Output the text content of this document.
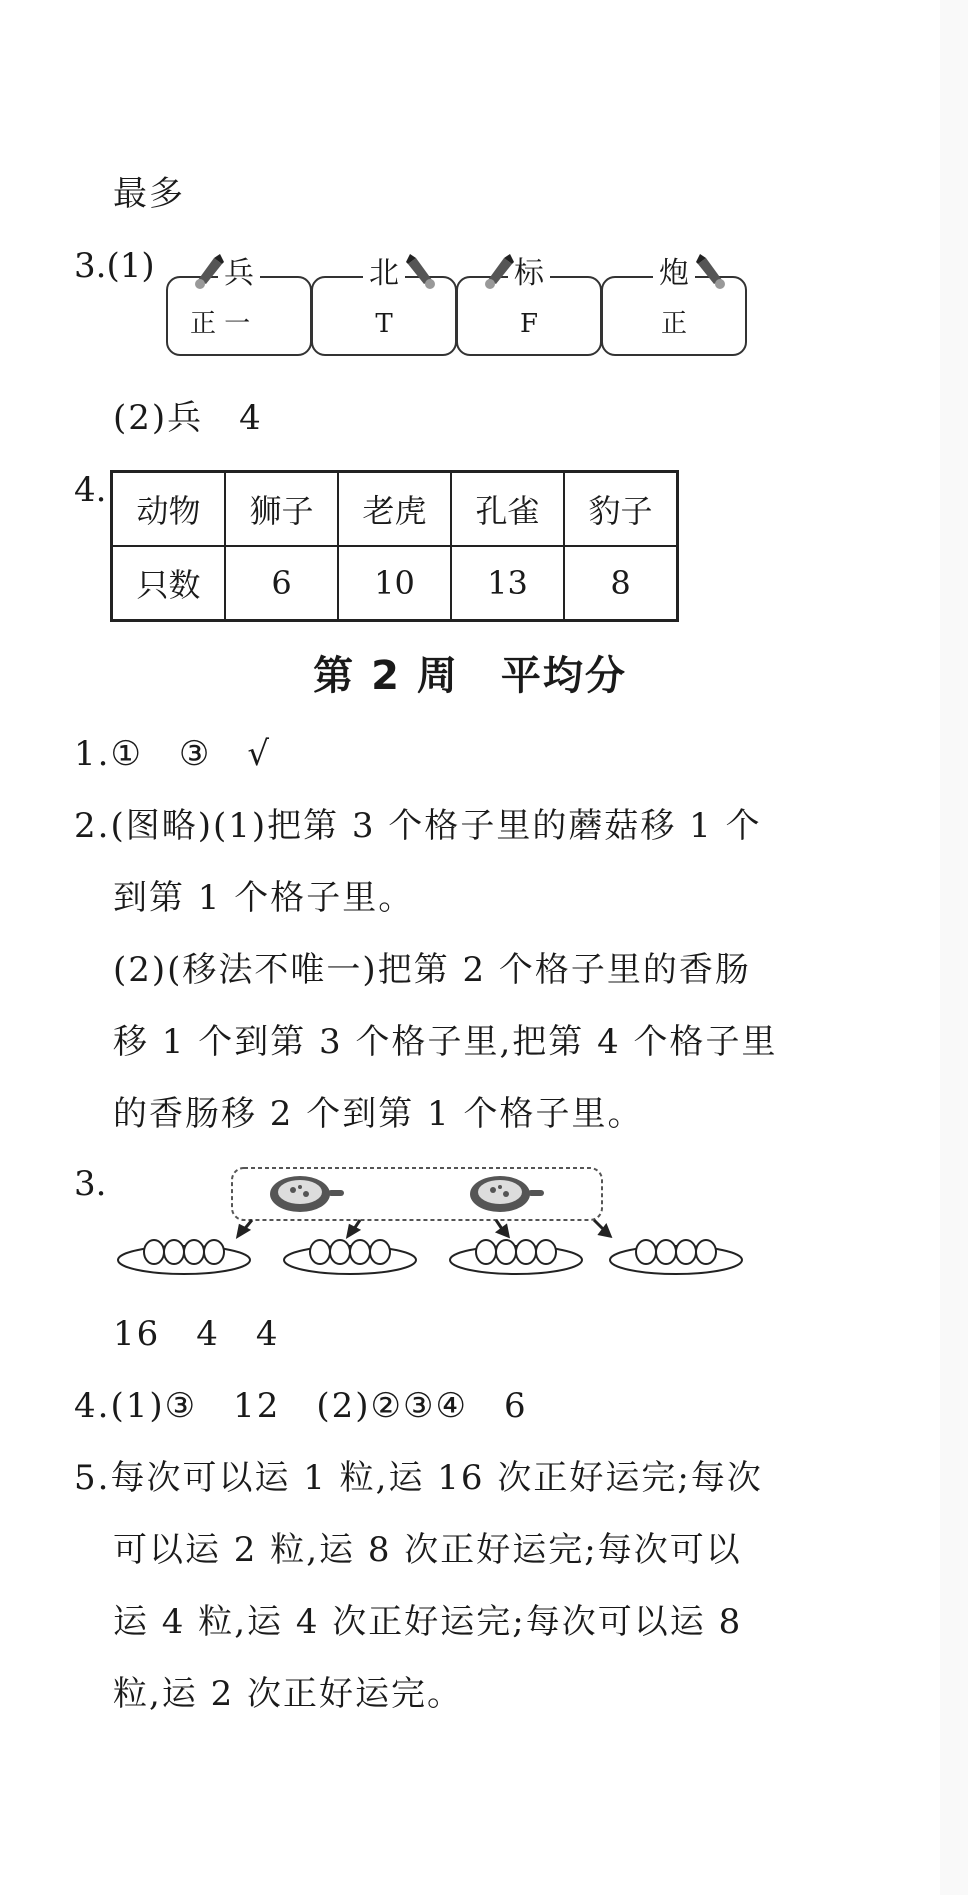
最多
3.(1) 兵
正 一
北
T
标
F
炮
正
(2)兵　4
4.
动物	狮子	老虎	孔雀	豹子
只数	6	10	13	8
第 2 周　平均分
1.①　③　√
2.(图略)(1)把第 3 个格子里的蘑菇移 1 个
到第 1 个格子里。
(2)(移法不唯一)把第 2 个格子里的香肠
移 1 个到第 3 个格子里,把第 4 个格子里
的香肠移 2 个到第 1 个格子里。
3.
16　4　4
4.(1)③　12　(2)②③④　6
5.每次可以运 1 粒,运 16 次正好运完;每次
可以运 2 粒,运 8 次正好运完;每次可以
运 4 粒,运 4 次正好运完;每次可以运 8
粒,运 2 次正好运完。
